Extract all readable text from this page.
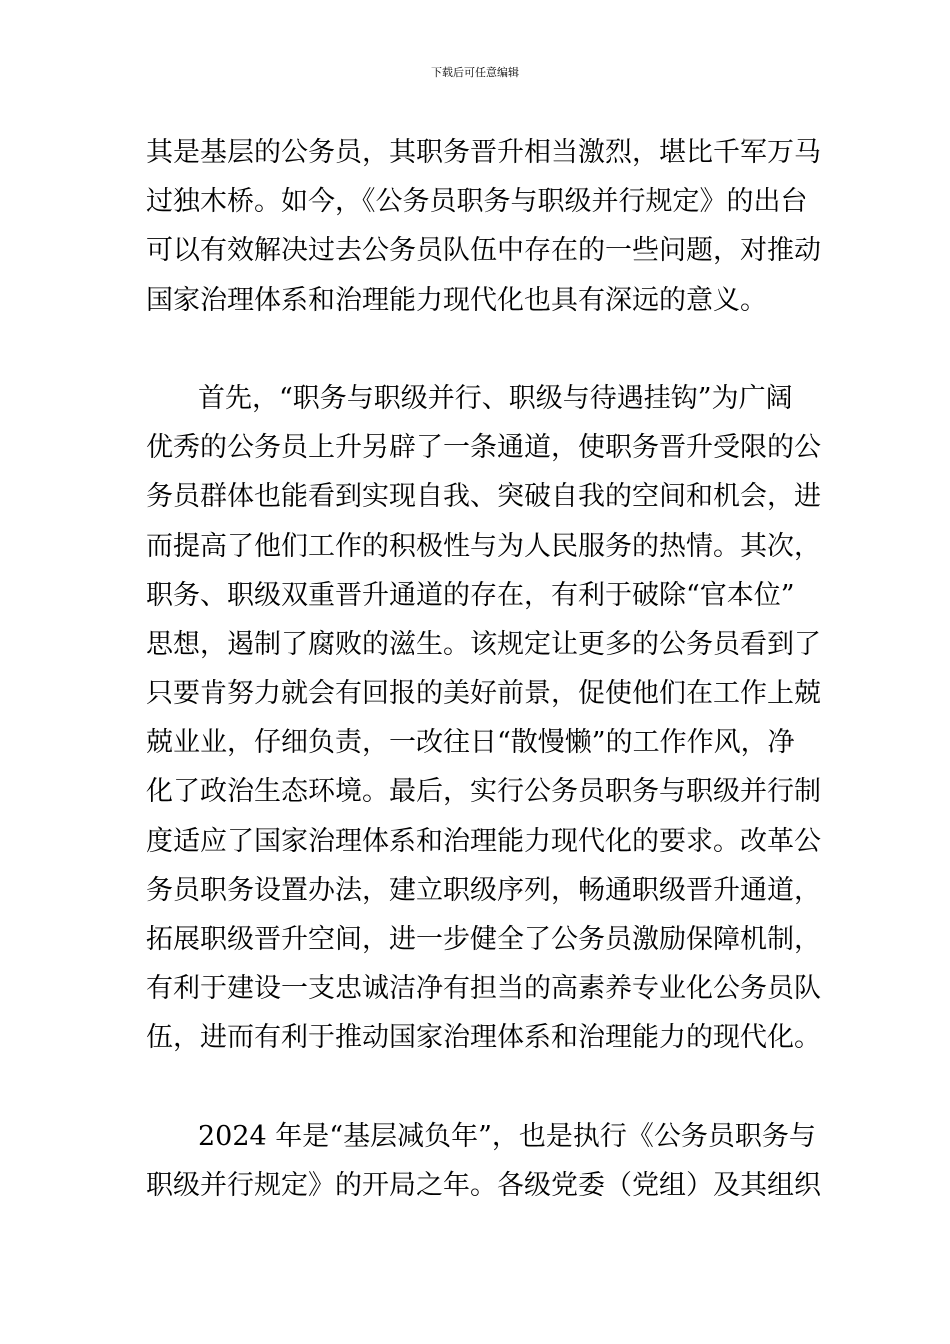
下载后可任意编辑
其是基层的公务员，其职务晋升相当激烈，堪比千军万马
过独木桥。如今，《公务员职务与职级并行规定》的出台
可以有效解决过去公务员队伍中存在的一些问题，对推动
国家治理体系和治理能力现代化也具有深远的意义。
首先，“职务与职级并行、职级与待遇挂钩”为广阔
优秀的公务员上升另辟了一条通道，使职务晋升受限的公
务员群体也能看到实现自我、突破自我的空间和机会，进
而提高了他们工作的积极性与为人民服务的热情。其次，
职务、职级双重晋升通道的存在，有利于破除“官本位”
思想，遏制了腐败的滋生。该规定让更多的公务员看到了
只要肯努力就会有回报的美好前景，促使他们在工作上兢
兢业业，仔细负责，一改往日“散慢懒”的工作作风，净
化了政治生态环境。最后，实行公务员职务与职级并行制
度适应了国家治理体系和治理能力现代化的要求。改革公
务员职务设置办法，建立职级序列，畅通职级晋升通道，
拓展职级晋升空间，进一步健全了公务员激励保障机制，
有利于建设一支忠诚洁净有担当的高素养专业化公务员队
伍，进而有利于推动国家治理体系和治理能力的现代化。
2024 年是“基层减负年”，也是执行《公务员职务与
职级并行规定》的开局之年。各级党委（党组）及其组织
